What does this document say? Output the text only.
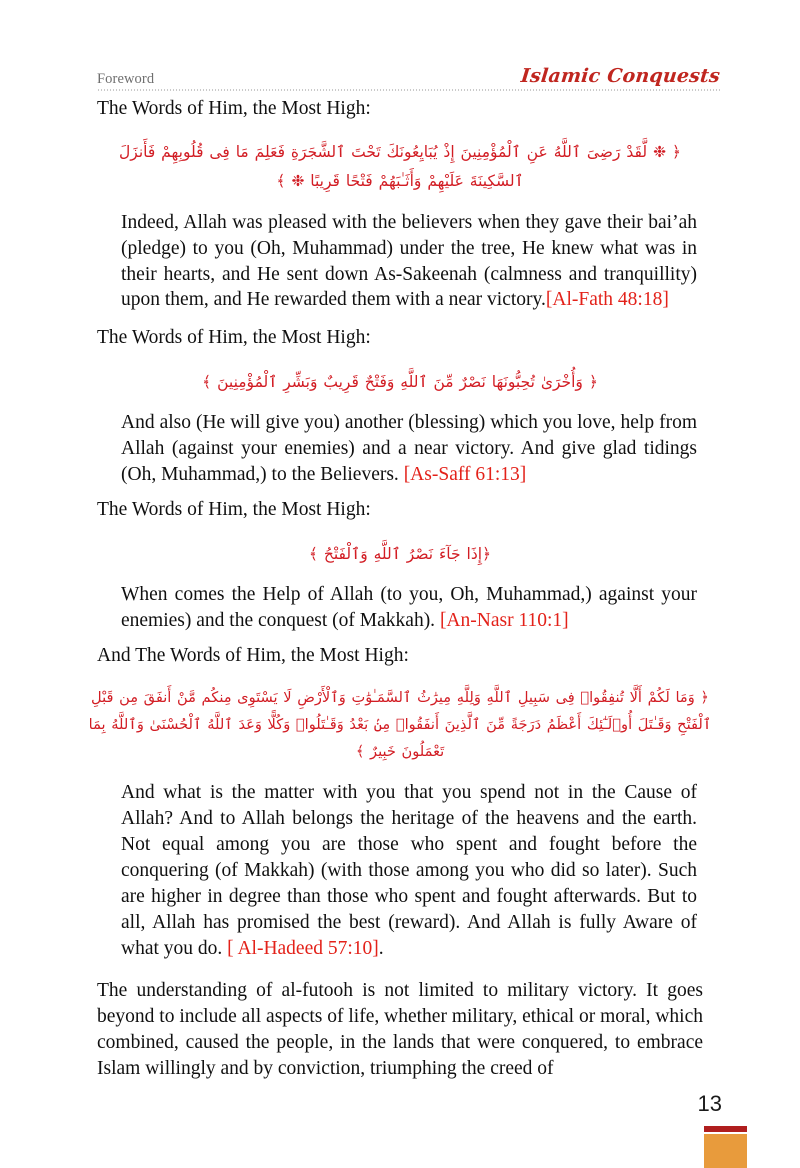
Foreword	Islamic Conquests
The Words of Him, the Most High:
﴿ ❉ لَّقَدْ رَضِىَ ٱللَّهُ عَنِ ٱلْمُؤْمِنِينَ إِذْ يُبَايِعُونَكَ تَحْتَ ٱلشَّجَرَةِ فَعَلِمَ مَا فِى قُلُوبِهِمْ فَأَنزَلَ ٱلسَّكِينَةَ عَلَيْهِمْ وَأَثَـٰبَهُمْ فَتْحًا قَرِيبًا ❉ ﴾
Indeed, Allah was pleased with the believers when they gave their bai’ah (pledge) to you (Oh, Muhammad) under the tree, He knew what was in their hearts, and He sent down As-Sakeenah (calmness and tranquillity) upon them, and He rewarded them with a near victory.[Al-Fath 48:18]
The Words of Him, the Most High:
﴿ وَأُخْرَىٰ تُحِبُّونَهَا نَصْرٌ مِّنَ ٱللَّهِ وَفَتْحٌ قَرِيبٌ وَبَشِّرِ ٱلْمُؤْمِنِينَ ﴾
And also (He will give you) another (blessing) which you love, help from Allah (against your enemies) and a near victory. And give glad tidings (Oh, Muhammad,) to the Believers. [As-Saff 61:13]
The Words of Him, the Most High:
﴿إِذَا جَآءَ نَصْرُ ٱللَّهِ وَٱلْفَتْحُ ﴾
When comes the Help of Allah (to you, Oh, Muhammad,) against your enemies) and the conquest (of Makkah). [An-Nasr 110:1]
And The Words of Him, the Most High:
﴿ وَمَا لَكُمْ أَلَّا تُنفِقُوا۟ فِى سَبِيلِ ٱللَّهِ وَلِلَّهِ مِيرَٰثُ ٱلسَّمَـٰوَٰتِ وَٱلْأَرْضِ لَا يَسْتَوِى مِنكُم مَّنْ أَنفَقَ مِن قَبْلِ ٱلْفَتْحِ وَقَـٰتَلَ أُو۟لَـٰٓئِكَ أَعْظَمُ دَرَجَةً مِّنَ ٱلَّذِينَ أَنفَقُوا۟ مِنۢ بَعْدُ وَقَـٰتَلُوا۟ وَكُلًّا وَعَدَ ٱللَّهُ ٱلْحُسْنَىٰ وَٱللَّهُ بِمَا تَعْمَلُونَ خَبِيرٌ ﴾
And what is the matter with you that you spend not in the Cause of Allah? And to Allah belongs the heritage of the heavens and the earth. Not equal among you are those who spent and fought before the conquering (of Makkah) (with those among you who did so later). Such are higher in degree than those who spent and fought afterwards. But to all, Allah has promised the best (reward). And Allah is fully Aware of what you do. [ Al-Hadeed 57:10].
The understanding of al-futooh is not limited to military victory. It goes beyond to include all aspects of life, whether military, ethical or moral, which combined, caused the people, in the lands that were conquered, to embrace Islam willingly and by conviction, triumphing the creed of
13
